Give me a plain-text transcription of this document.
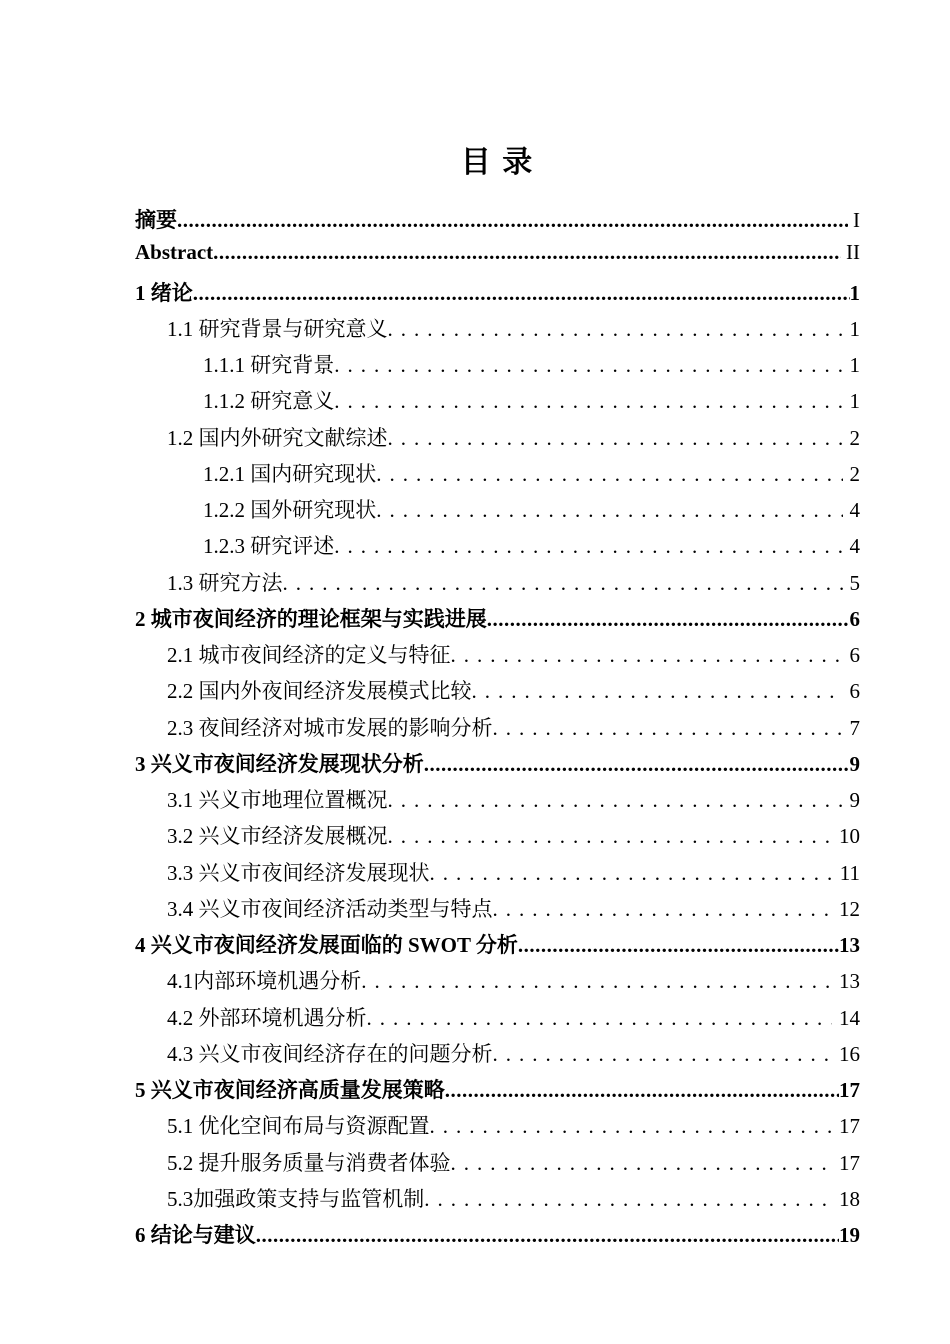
目 录
摘要 .....	I
Abstract .....	II
1 绪论 .....	1
1.1 研究背景与研究意义 .....	1
1.1.1 研究背景 .....	1
1.1.2 研究意义 .....	1
1.2 国内外研究文献综述 .....	2
1.2.1 国内研究现状 .....	2
1.2.2 国外研究现状 .....	4
1.2.3 研究评述 .....	4
1.3 研究方法 .....	5
2 城市夜间经济的理论框架与实践进展 .....	6
2.1 城市夜间经济的定义与特征 .....	6
2.2 国内外夜间经济发展模式比较 .....	6
2.3 夜间经济对城市发展的影响分析 .....	7
3 兴义市夜间经济发展现状分析 .....	9
3.1 兴义市地理位置概况 .....	9
3.2 兴义市经济发展概况 .....	10
3.3 兴义市夜间经济发展现状 .....	11
3.4 兴义市夜间经济活动类型与特点 .....	12
4 兴义市夜间经济发展面临的 SWOT 分析 .....	13
4.1内部环境机遇分析 .....	13
4.2 外部环境机遇分析 .....	14
4.3 兴义市夜间经济存在的问题分析 .....	16
5 兴义市夜间经济高质量发展策略 .....	17
5.1 优化空间布局与资源配置 .....	17
5.2 提升服务质量与消费者体验 .....	17
5.3加强政策支持与监管机制 .....	18
6 结论与建议 .....	19
